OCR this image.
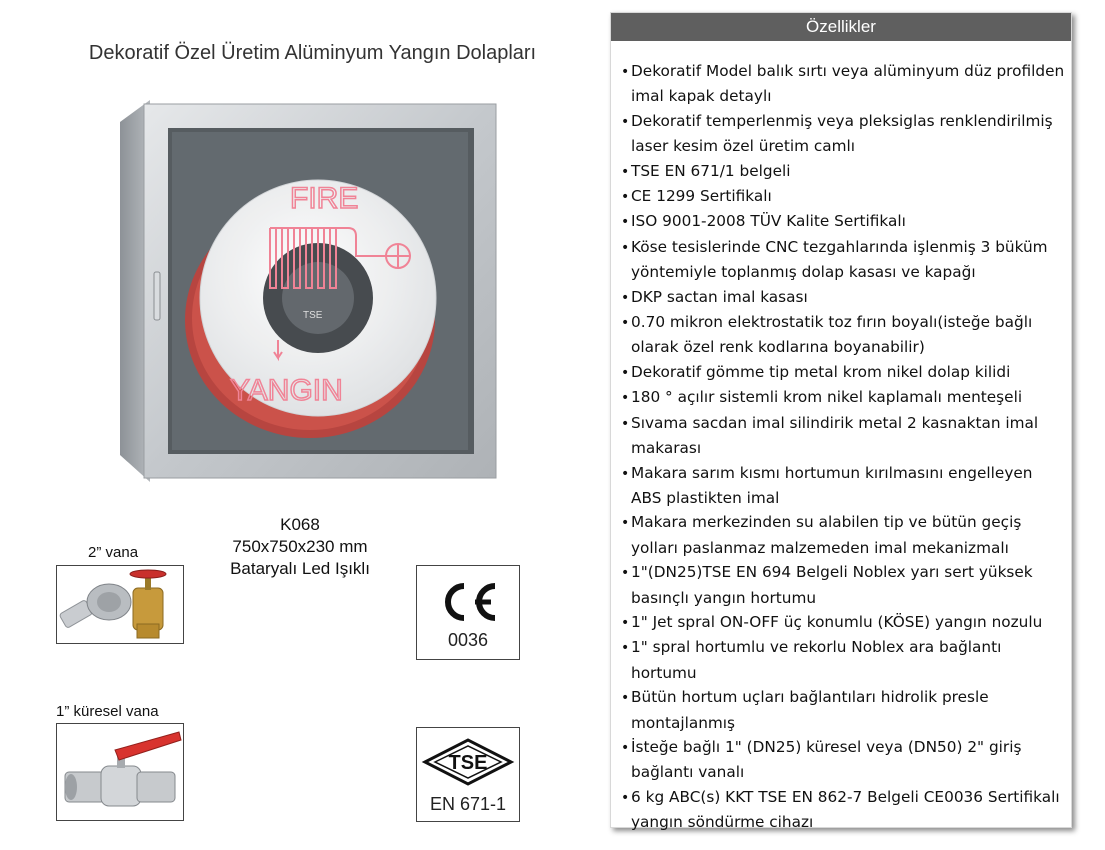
Dekoratif Özel Üretim Alüminyum Yangın Dolapları
FIRE
YANGIN
TSE
K068
750x750x230 mm
Bataryalı Led Işıklı
2” vana
1” küresel vana
0036
TSE
EN 671-1
Özellikler
• Dekoratif Model balık sırtı veya alüminyum düz profilden imal kapak detaylı
• Dekoratif temperlenmiş veya pleksiglas renklendirilmiş laser kesim özel üretim camlı
• TSE EN 671/1 belgeli
• CE 1299 Sertifikalı
• ISO 9001-2008 TÜV Kalite Sertifikalı
• Köse tesislerinde CNC tezgahlarında işlenmiş 3 büküm yöntemiyle toplanmış dolap kasası ve kapağı
• DKP sactan imal kasası
• 0.70 mikron elektrostatik toz fırın boyalı(isteğe bağlı olarak özel renk kodlarına boyanabilir)
• Dekoratif gömme tip metal krom nikel dolap kilidi
• 180 ° açılır sistemli krom nikel kaplamalı menteşeli
• Sıvama sacdan imal silindirik metal 2 kasnaktan imal makarası
• Makara sarım kısmı hortumun kırılmasını engelleyen ABS plastikten imal
• Makara merkezinden su alabilen tip ve bütün geçiş yolları paslanmaz malzemeden imal mekanizmalı
• 1"(DN25)TSE EN 694 Belgeli Noblex yarı sert yüksek basınçlı yangın hortumu
• 1" Jet spral ON-OFF üç konumlu (KÖSE) yangın nozulu
• 1" spral hortumlu ve rekorlu Noblex ara bağlantı hortumu
• Bütün hortum uçları bağlantıları hidrolik presle montajlanmış
• İsteğe bağlı 1" (DN25) küresel veya (DN50) 2" giriş bağlantı vanalı
• 6 kg ABC(s) KKT TSE EN 862-7 Belgeli CE0036 Sertifikalı yangın söndürme cihazı
